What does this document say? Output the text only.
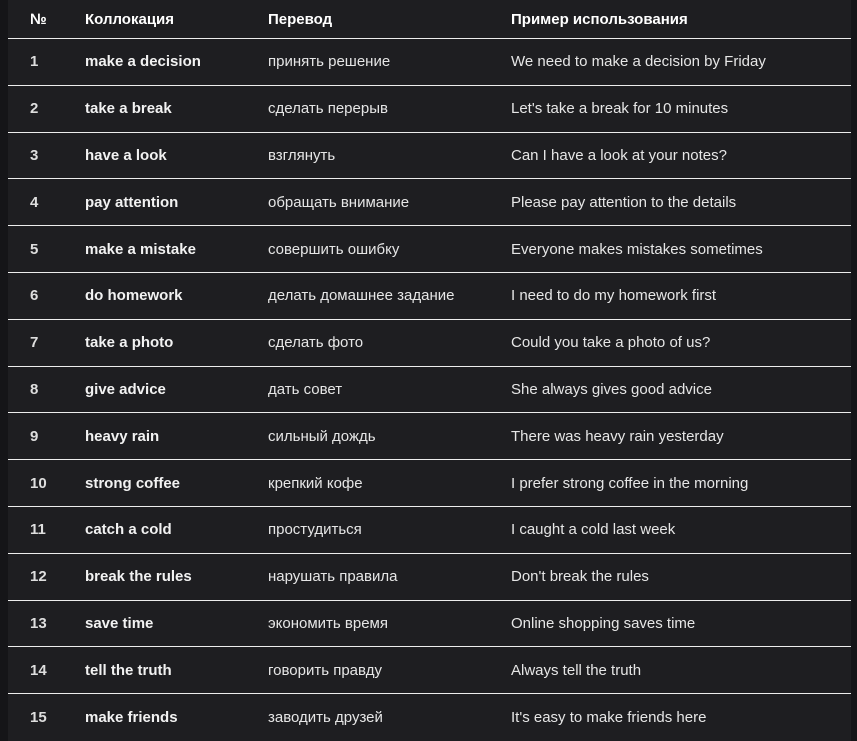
№	Коллокация	Перевод	Пример использования
1	make a decision	принять решение	We need to make a decision by Friday
2	take a break	сделать перерыв	Let's take a break for 10 minutes
3	have a look	взглянуть	Can I have a look at your notes?
4	pay attention	обращать внимание	Please pay attention to the details
5	make a mistake	совершить ошибку	Everyone makes mistakes sometimes
6	do homework	делать домашнее задание	I need to do my homework first
7	take a photo	сделать фото	Could you take a photo of us?
8	give advice	дать совет	She always gives good advice
9	heavy rain	сильный дождь	There was heavy rain yesterday
10	strong coffee	крепкий кофе	I prefer strong coffee in the morning
11	catch a cold	простудиться	I caught a cold last week
12	break the rules	нарушать правила	Don't break the rules
13	save time	экономить время	Online shopping saves time
14	tell the truth	говорить правду	Always tell the truth
15	make friends	заводить друзей	It's easy to make friends here
